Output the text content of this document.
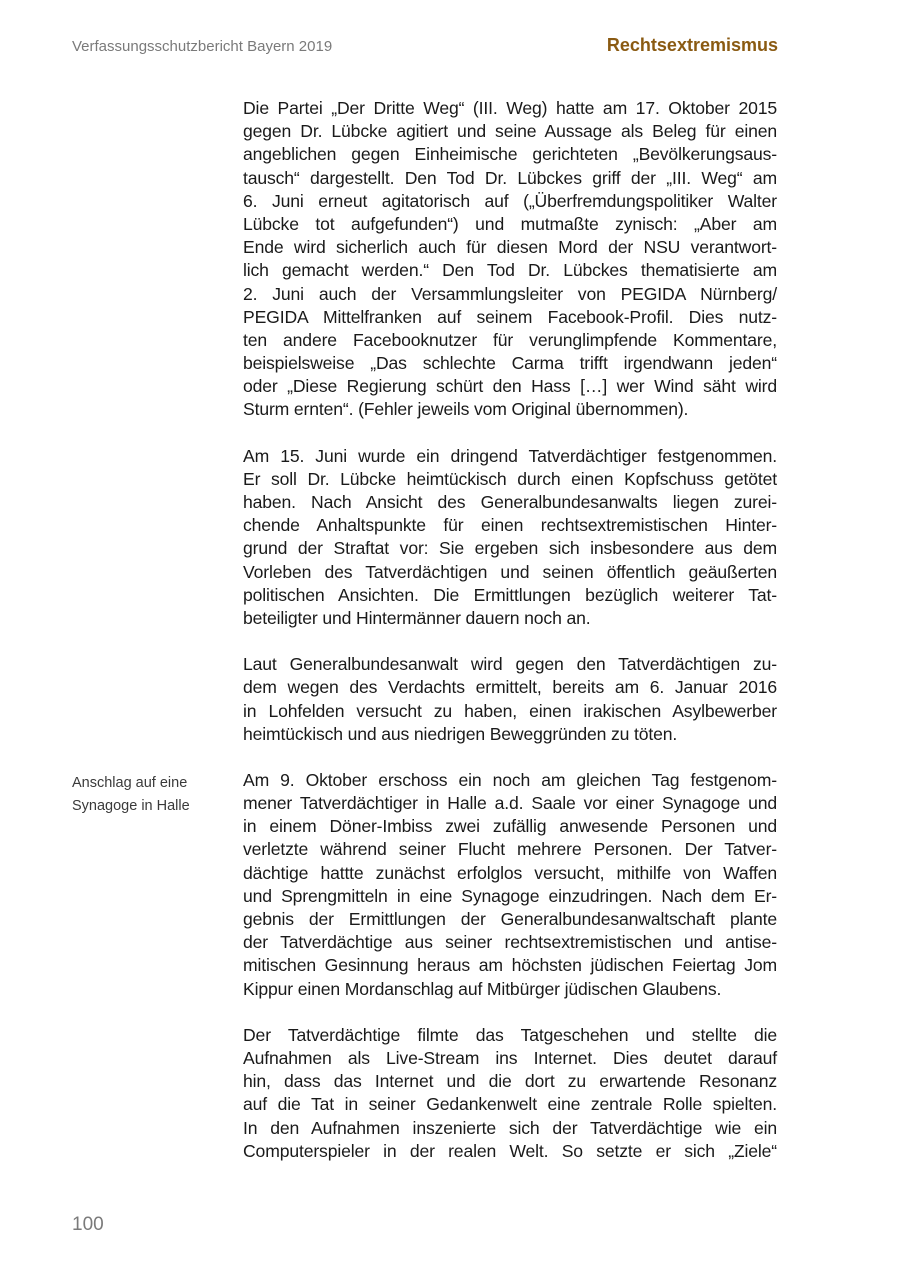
Verfassungsschutzbericht Bayern 2019	Rechtsextremismus
Anschlag auf eine
Synagoge in Halle
Die Partei „Der Dritte Weg“ (III. Weg) hatte am 17. Oktober 2015
gegen Dr. Lübcke agitiert und seine Aussage als Beleg für einen
angeblichen gegen Einheimische gerichteten „Bevölkerungsaus-
tausch“ dargestellt. Den Tod Dr. Lübckes griff der „III. Weg“ am
6. Juni erneut agitatorisch auf („Überfremdungspolitiker Walter
Lübcke tot aufgefunden“) und mutmaßte zynisch: „Aber am
Ende wird sicherlich auch für diesen Mord der NSU verantwort-
lich gemacht werden.“ Den Tod Dr. Lübckes thematisierte am
2. Juni auch der Versammlungsleiter von PEGIDA Nürnberg/
PEGIDA Mittelfranken auf seinem Facebook-Profil. Dies nutz-
ten andere Facebooknutzer für verunglimpfende Kommentare,
beispielsweise „Das schlechte Carma trifft irgendwann jeden“
oder „Diese Regierung schürt den Hass […] wer Wind säht wird
Sturm ernten“. (Fehler jeweils vom Original übernommen).
Am 15. Juni wurde ein dringend Tatverdächtiger festgenommen.
Er soll Dr. Lübcke heimtückisch durch einen Kopfschuss getötet
haben. Nach Ansicht des Generalbundesanwalts liegen zurei-
chende Anhaltspunkte für einen rechtsextremistischen Hinter-
grund der Straftat vor: Sie ergeben sich insbesondere aus dem
Vorleben des Tatverdächtigen und seinen öffentlich geäußerten
politischen Ansichten. Die Ermittlungen bezüglich weiterer Tat-
beteiligter und Hintermänner dauern noch an.
Laut Generalbundesanwalt wird gegen den Tatverdächtigen zu-
dem wegen des Verdachts ermittelt, bereits am 6. Januar 2016
in Lohfelden versucht zu haben, einen irakischen Asylbewerber
heimtückisch und aus niedrigen Beweggründen zu töten.
Am 9. Oktober erschoss ein noch am gleichen Tag festgenom-
mener Tatverdächtiger in Halle a.d. Saale vor einer Synagoge und
in einem Döner-Imbiss zwei zufällig anwesende Personen und
verletzte während seiner Flucht mehrere Personen. Der Tatver-
dächtige hattte zunächst erfolglos versucht, mithilfe von Waffen
und Sprengmitteln in eine Synagoge einzudringen. Nach dem Er-
gebnis der Ermittlungen der Generalbundesanwaltschaft plante
der Tatverdächtige aus seiner rechtsextremistischen und antise-
mitischen Gesinnung heraus am höchsten jüdischen Feiertag Jom
Kippur einen Mordanschlag auf Mitbürger jüdischen Glaubens.
Der Tatverdächtige filmte das Tatgeschehen und stellte die
Aufnahmen als Live-Stream ins Internet. Dies deutet darauf
hin, dass das Internet und die dort zu erwartende Resonanz
auf die Tat in seiner Gedankenwelt eine zentrale Rolle spielten.
In den Aufnahmen inszenierte sich der Tatverdächtige wie ein
Computerspieler in der realen Welt. So setzte er sich „Ziele“
100
